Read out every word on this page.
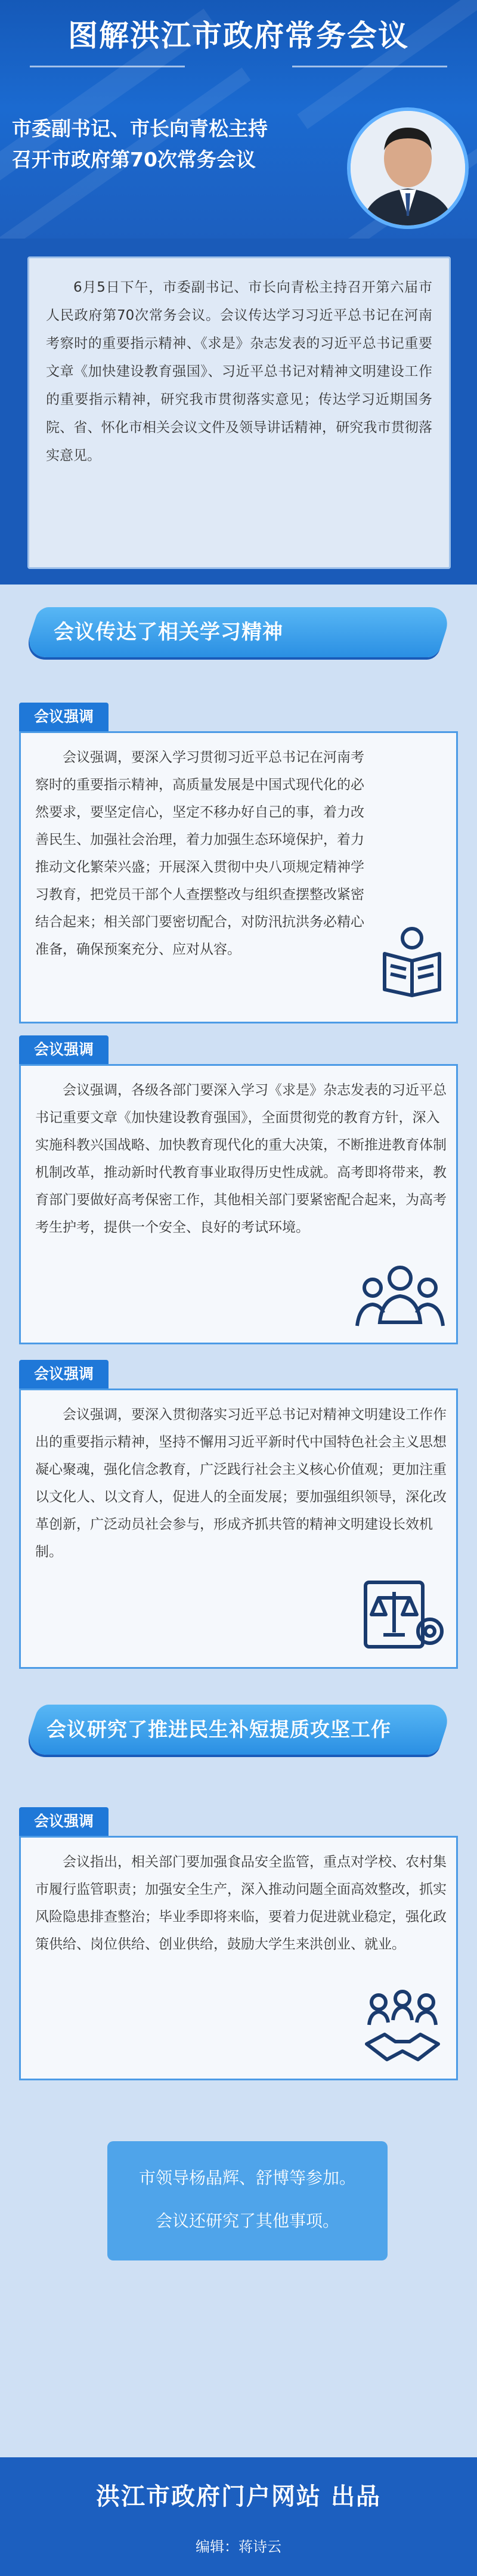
图解洪江市政府常务会议
市委副书记、市长向青松主持
召开市政府第70次常务会议
6月5日下午，市委副书记、市长向青松主持召开第六届市人民政府第70次常务会议。会议传达学习习近平总书记在河南考察时的重要指示精神、《求是》杂志发表的习近平总书记重要文章《加快建设教育强国》、习近平总书记对精神文明建设工作的重要指示精神，研究我市贯彻落实意见；传达学习近期国务院、省、怀化市相关会议文件及领导讲话精神，研究我市贯彻落实意见。
会议传达了相关学习精神
会议强调
会议强调，要深入学习贯彻习近平总书记在河南考察时的重要指示精神，高质量发展是中国式现代化的必然要求，要坚定信心，坚定不移办好自己的事，着力改善民生、加强社会治理，着力加强生态环境保护，着力推动文化繁荣兴盛；开展深入贯彻中央八项规定精神学习教育，把党员干部个人查摆整改与组织查摆整改紧密结合起来；相关部门要密切配合，对防汛抗洪务必精心准备，确保预案充分、应对从容。
会议强调
会议强调，各级各部门要深入学习《求是》杂志发表的习近平总书记重要文章《加快建设教育强国》，全面贯彻党的教育方针，深入实施科教兴国战略、加快教育现代化的重大决策，不断推进教育体制机制改革，推动新时代教育事业取得历史性成就。高考即将带来，教育部门要做好高考保密工作，其他相关部门要紧密配合起来，为高考考生护考，提供一个安全、良好的考试环境。
会议强调
会议强调，要深入贯彻落实习近平总书记对精神文明建设工作作出的重要指示精神，坚持不懈用习近平新时代中国特色社会主义思想凝心聚魂，强化信念教育，广泛践行社会主义核心价值观；更加注重以文化人、以文育人，促进人的全面发展；要加强组织领导，深化改革创新，广泛动员社会参与，形成齐抓共管的精神文明建设长效机制。
会议研究了推进民生补短提质攻坚工作
会议强调
会议指出，相关部门要加强食品安全监管，重点对学校、农村集市履行监管职责；加强安全生产，深入推动问题全面高效整改，抓实风险隐患排查整治；毕业季即将来临，要着力促进就业稳定，强化政策供给、岗位供给、创业供给，鼓励大学生来洪创业、就业。
市领导杨晶辉、舒博等参加。
会议还研究了其他事项。
洪江市政府门户网站 出品
编辑：蒋诗云
